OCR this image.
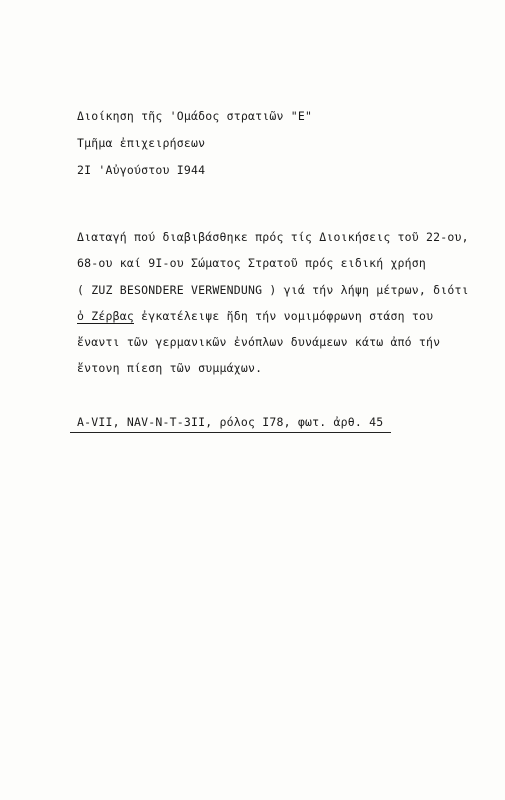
Διοίκηση τῆς 'Ομάδος στρατιῶν "Ε"
Τμῆμα ἐπιχειρήσεων
2I 'Αὐγούστου I944
Διαταγή πού διαβιβάσθηκε πρός τίς Διοικήσεις τοῦ 22-ου,
68-ου καί 9I-ου Σώματος Στρατοῦ πρός ειδική χρήση
( ZUZ BESONDERE VERWENDUNG ) γιά τήν λήψη μέτρων, διότι
ὁ Ζέρβας ἐγκατέλειψε ἤδη τήν νομιμόφρωνη στάση του
ἔναντι τῶν γερμανικῶν ἐνόπλων δυνάμεων κάτω ἀπό τήν
ἔντονη πίεση τῶν συμμάχων.
A-VII, NAV-N-T-3II, ρόλος I78, φωτ. ἀρθ. 45
